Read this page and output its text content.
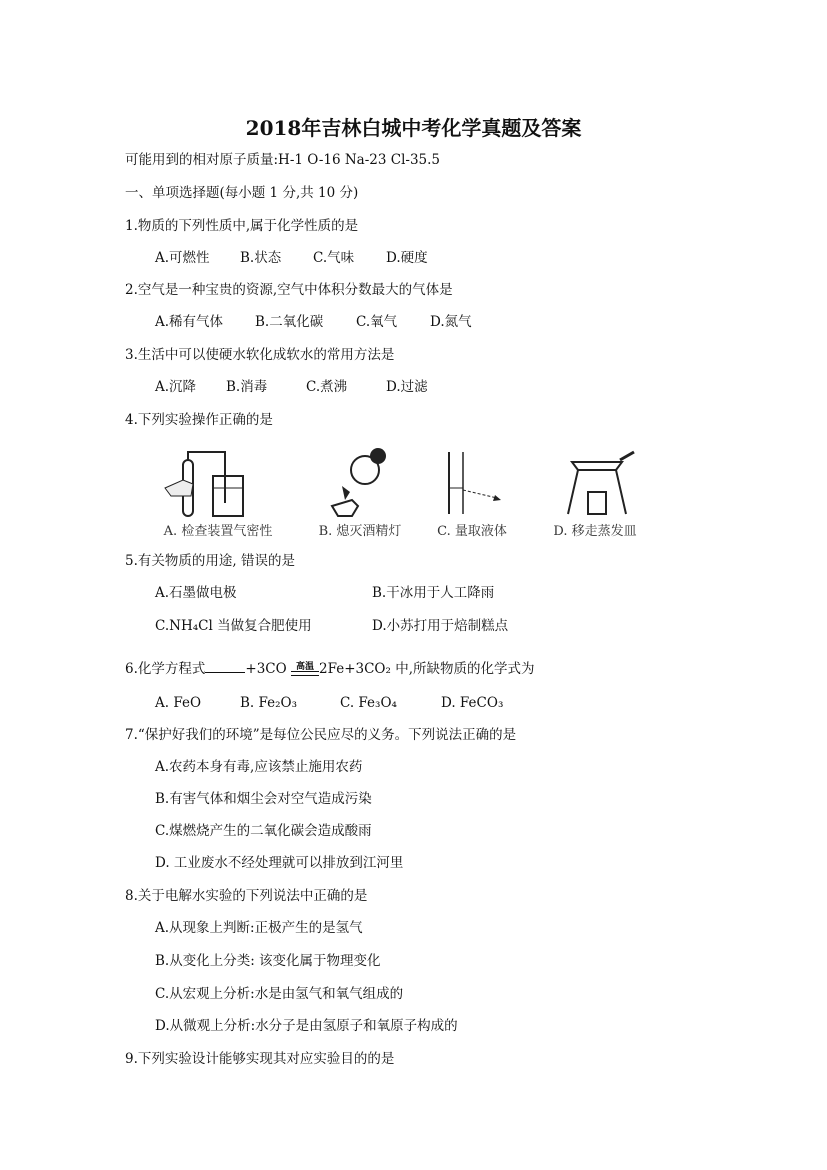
2018年吉林白城中考化学真题及答案
可能用到的相对原子质量:H-1 O-16 Na-23 Cl-35.5
一、单项选择题(每小题 1 分,共 10 分)
1.物质的下列性质中,属于化学性质的是
A.可燃性 B.状态 C.气味 D.硬度
2.空气是一种宝贵的资源,空气中体积分数最大的气体是
A.稀有气体 B.二氧化碳 C.氧气 D.氮气
3.生活中可以使硬水软化成软水的常用方法是
A.沉降 B.消毒	C.煮沸	D.过滤
4.下列实验操作正确的是
A. 检查装置气密性	B. 熄灭酒精灯	C. 量取液体	D. 移走蒸发皿
5.有关物质的用途, 错误的是
A.石墨做电极	B.干冰用于人工降雨
C.NH₄Cl 当做复合肥使用	D.小苏打用于焙制糕点
6.化学方程式	+3CO 高温 2Fe+3CO₂ 中,所缺物质的化学式为
A. FeO	B. Fe₂O₃	C. Fe₃O₄	D. FeCO₃
7.“保护好我们的环境”是每位公民应尽的义务。下列说法正确的是
A.农药本身有毒,应该禁止施用农药
B.有害气体和烟尘会对空气造成污染
C.煤燃烧产生的二氧化碳会造成酸雨
D. 工业废水不经处理就可以排放到江河里
8.关于电解水实验的下列说法中正确的是
A.从现象上判断:正极产生的是氢气
B.从变化上分类: 该变化属于物理变化
C.从宏观上分析:水是由氢气和氧气组成的
D.从微观上分析:水分子是由氢原子和氧原子构成的
9.下列实验设计能够实现其对应实验目的的是
